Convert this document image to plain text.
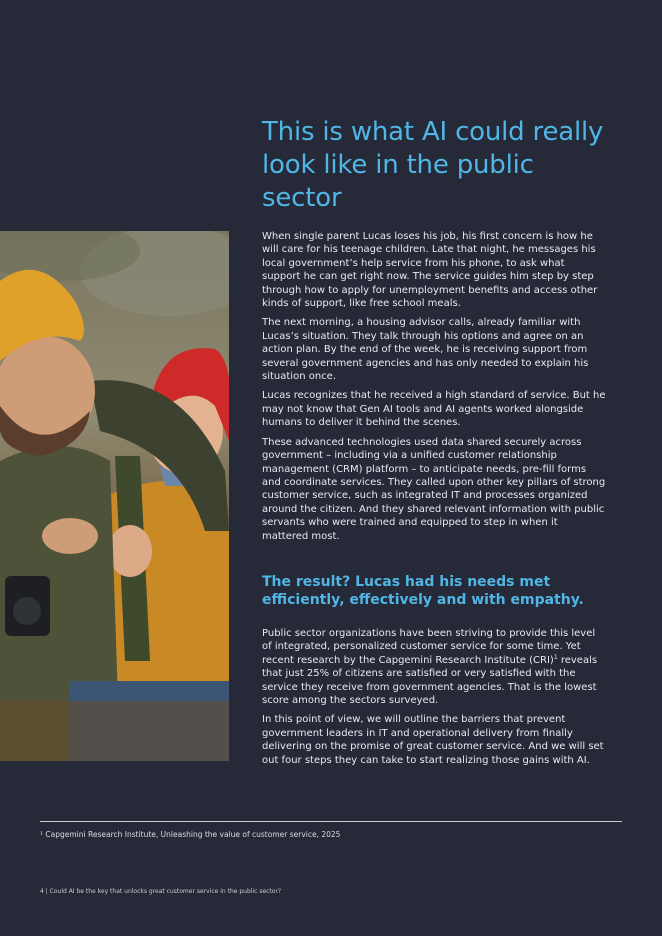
This is what AI could really look like in the public sector

When single parent Lucas loses his job, his first concern is how he will care for his teenage children. Late that night, he messages his local government’s help service from his phone, to ask what support he can get right now. The service guides him step by step through how to apply for unemployment benefits and access other kinds of support, like free school meals.

The next morning, a housing advisor calls, already familiar with Lucas’s situation. They talk through his options and agree on an action plan. By the end of the week, he is receiving support from several government agencies and has only needed to explain his situation once.

Lucas recognizes that he received a high standard of service. But he may not know that Gen AI tools and AI agents worked alongside humans to deliver it behind the scenes.

These advanced technologies used data shared securely across government – including via a unified customer relationship management (CRM) platform – to anticipate needs, pre-fill forms and coordinate services. They called upon other key pillars of strong customer service, such as integrated IT and processes organized around the citizen. And they shared relevant information with public servants who were trained and equipped to step in when it mattered most.

The result? Lucas had his needs met efficiently, effectively and with empathy.

Public sector organizations have been striving to provide this level of integrated, personalized customer service for some time. Yet recent research by the Capgemini Research Institute (CRI)$^1$ reveals that just 25% of citizens are satisfied or very satisfied with the service they receive from government agencies. That is the lowest score among the sectors surveyed.

In this point of view, we will outline the barriers that prevent government leaders in IT and operational delivery from finally delivering on the promise of great customer service. And we will set out four steps they can take to start realizing those gains with AI.

¹ Capgemini Research Institute, Unleashing the value of customer service, 2025
4 | Could AI be the key that unlocks great customer service in the public sector?
